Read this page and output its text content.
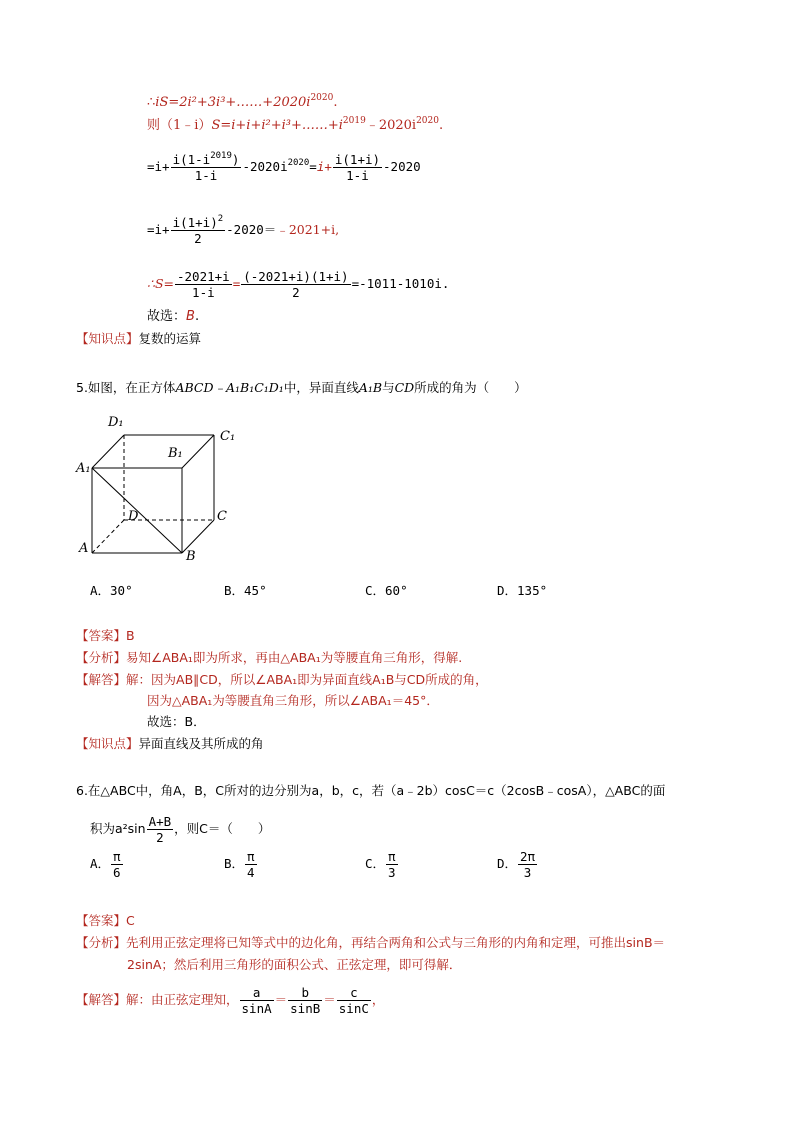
$\therefore iS=2i^2+3i^3+\dots\dots+2020i^{2020}$.
则$(1﹣i)S=i+i+i^2+i^3+\dots\dots+i^{2019}﹣2020i^{2020}$.
$=i+ \frac{i(1-i^{2019})}{1-i} -2020i^{2020}=i+ \frac{i(1+i)}{1-i} -2020$
$=i+ \frac{i(1+i)^2}{2}$ -2020＝﹣2021+i,
∴S= $\frac{-2021+i}{1-i} = \frac{(-2021+i)(1+i)}{2} =-1011-1010i$.
故选：B.
【知识点】复数的运算
5.如图，在正方体ABCD﹣A₁B₁C₁D₁中，异面直线A₁B与CD所成的角为（　　）
D₁
C₁
B₁
A₁
D	C
A
B
A．30°	B．45°	C．60°	D．135°
【答案】B
【分析】易知∠ABA₁即为所求，再由△ABA₁为等腰直角三角形，得解.
【解答】解：因为AB∥CD，所以∠ABA₁即为异面直线A₁B与CD所成的角，
因为△ABA₁为等腰直角三角形，所以∠ABA₁＝45°．
故选：B．
【知识点】异面直线及其所成的角
6.在△ABC中，角A，B，C所对的边分别为a，b，c，若（a﹣2b）cosC＝c（2cosB﹣cosA），△ABC的面
积为$a^2\sin \frac{A+B}{2}$ ，则C＝（　　）
A． $\frac{\pi}{6}$	B． $\frac{\pi}{4}$	C． $\frac{\pi}{3}$	D． $\frac{2\pi}{3}$
【答案】C
【分析】先利用正弦定理将已知等式中的边化角，再结合两角和公式与三角形的内角和定理，可推出sinB＝
2sinA；然后利用三角形的面积公式、正弦定理，即可得解．
【解答】解：由正弦定理知， $\frac{a}{\sin A} = \frac{b}{\sin B} = \frac{c}{\sin C}$ ，
